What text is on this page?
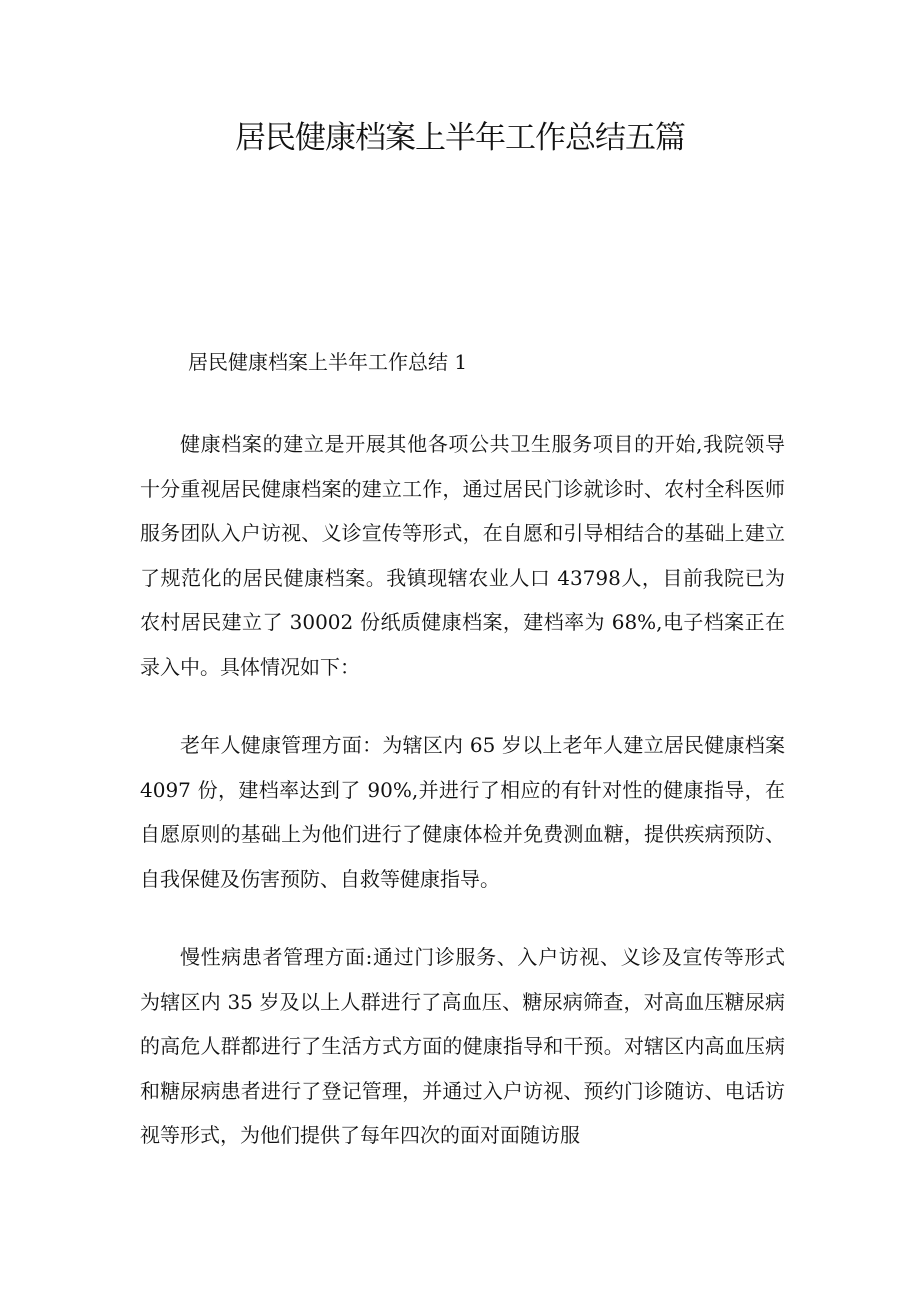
居民健康档案上半年工作总结五篇

居民健康档案上半年工作总结 1

健康档案的建立是开展其他各项公共卫生服务项目的开始,我院领导十分重视居民健康档案的建立工作，通过居民门诊就诊时、农村全科医师服务团队入户访视、义诊宣传等形式，在自愿和引导相结合的基础上建立了规范化的居民健康档案。我镇现辖农业人口 43798人，目前我院已为农村居民建立了 30002 份纸质健康档案，建档率为 68%,电子档案正在录入中。具体情况如下：

老年人健康管理方面：为辖区内 65 岁以上老年人建立居民健康档案 4097 份，建档率达到了 90%,并进行了相应的有针对性的健康指导，在自愿原则的基础上为他们进行了健康体检并免费测血糖，提供疾病预防、自我保健及伤害预防、自救等健康指导。

慢性病患者管理方面:通过门诊服务、入户访视、义诊及宣传等形式为辖区内 35 岁及以上人群进行了高血压、糖尿病筛查，对高血压糖尿病的高危人群都进行了生活方式方面的健康指导和干预。对辖区内高血压病和糖尿病患者进行了登记管理，并通过入户访视、预约门诊随访、电话访视等形式，为他们提供了每年四次的面对面随访服
